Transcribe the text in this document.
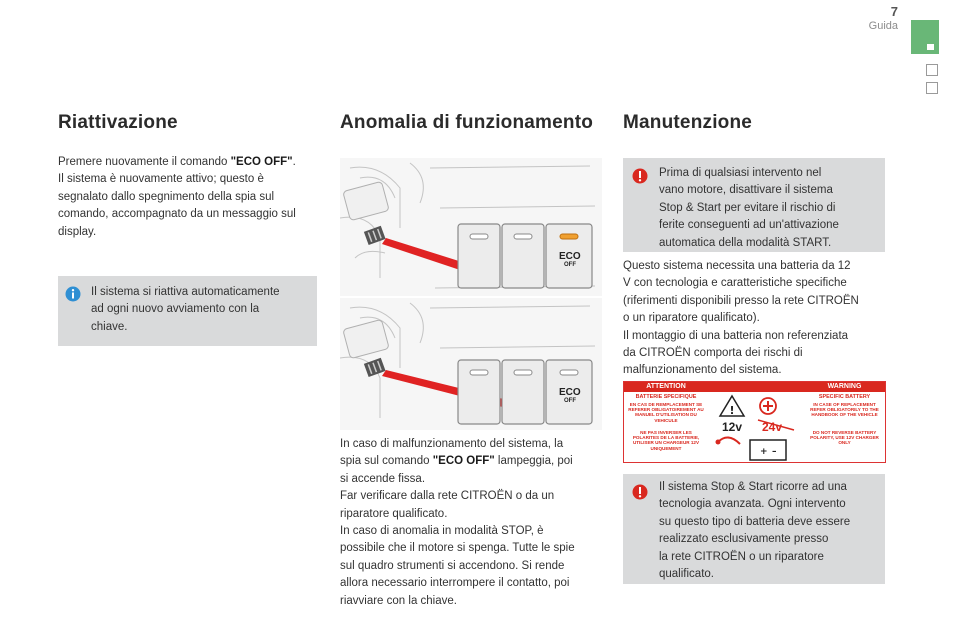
7
Guida
Riattivazione
Premere nuovamente il comando "ECO OFF".
Il sistema è nuovamente attivo; questo è
segnalato dallo spegnimento della spia sul
comando, accompagnato da un messaggio sul
display.
Il sistema si riattiva automaticamente
ad ogni nuovo avviamento con la
chiave.
Anomalia di funzionamento
ECO
OFF
ECO
OFF
In caso di malfunzionamento del sistema, la
spia sul comando "ECO OFF" lampeggia, poi
si accende fissa.
Far verificare dalla rete CITROËN o da un
riparatore qualificato.
In caso di anomalia in modalità STOP, è
possibile che il motore si spenga. Tutte le spie
sul quadro strumenti si accendono. Si rende
allora necessario interrompere il contatto, poi
riavviare con la chiave.
Manutenzione
Prima di qualsiasi intervento nel
vano motore, disattivare il sistema
Stop & Start per evitare il rischio di
ferite conseguenti ad un'attivazione
automatica della modalità START.
Questo sistema necessita una batteria da 12
V con tecnologia e caratteristiche specifiche
(riferimenti disponibili presso la rete CITROËN
o un riparatore qualificato).
Il montaggio di una batteria non referenziata
da CITROËN comporta dei rischi di
malfunzionamento del sistema.
ATTENTION	WARNING
BATTERIE SPECIFIQUE
EN CAS DE REMPLACEMENT SE REFERER OBLIGATOIREMENT AU MANUEL D'UTILISATION DU VEHICULE
NE PAS INVERSER LES POLARITES DE LA BATTERIE, UTILISER UN CHARGEUR 12V UNIQUEMENT
SPECIFIC BATTERY
IN CASE OF REPLACEMENT REFER OBLIGATORILY TO THE HANDBOOK OF THE VEHICLE
DO NOT REVERSE BATTERY POLARITY, USE 12V CHARGER ONLY
!
+ –
12v 24v
Il sistema Stop & Start ricorre ad una
tecnologia avanzata. Ogni intervento
su questo tipo di batteria deve essere
realizzato esclusivamente presso
la rete CITROËN o un riparatore
qualificato.
